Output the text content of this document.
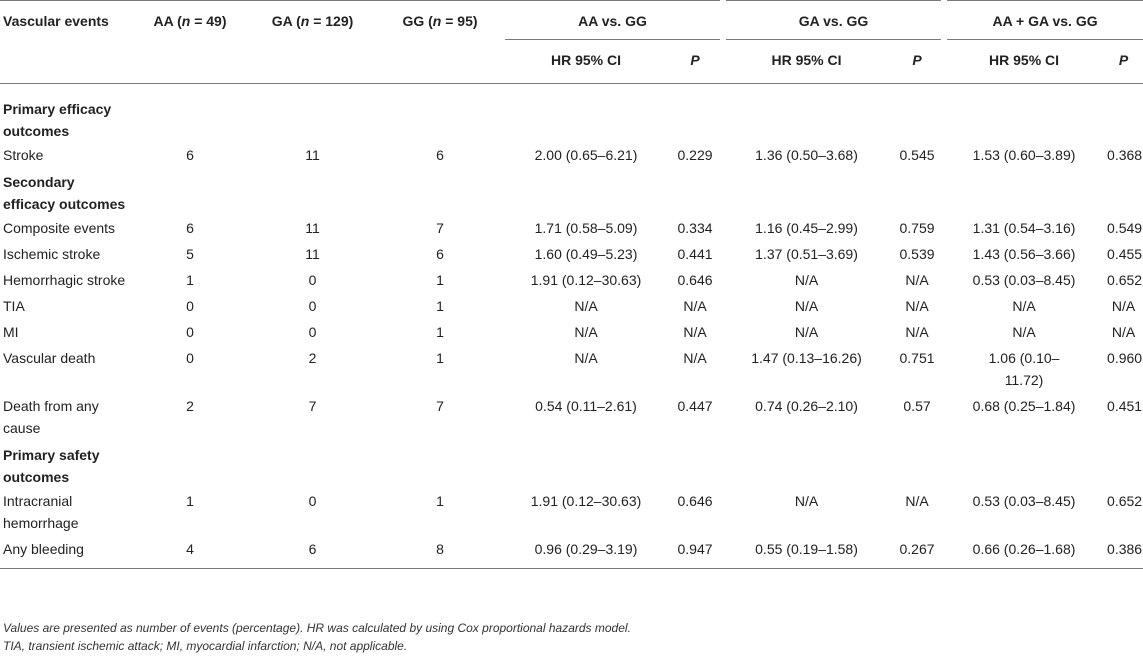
Vascular events	AA (n = 49)	GA (n = 129)	GG (n = 95)	AA vs. GG		GA vs. GG		AA + GA vs. GG	
				HR 95% CI	P	HR 95% CI	P	HR 95% CI	P
Primary efficacy outcomes									
Stroke	6	11	6	2.00 (0.65–6.21)	0.229	1.36 (0.50–3.68)	0.545	1.53 (0.60–3.89)	0.368
Secondary efficacy outcomes									
Composite events	6	11	7	1.71 (0.58–5.09)	0.334	1.16 (0.45–2.99)	0.759	1.31 (0.54–3.16)	0.549
Ischemic stroke	5	11	6	1.60 (0.49–5.23)	0.441	1.37 (0.51–3.69)	0.539	1.43 (0.56–3.66)	0.455
Hemorrhagic stroke	1	0	1	1.91 (0.12–30.63)	0.646	N/A	N/A	0.53 (0.03–8.45)	0.652
TIA	0	0	1	N/A	N/A	N/A	N/A	N/A	N/A
MI	0	0	1	N/A	N/A	N/A	N/A	N/A	N/A
Vascular death	0	2	1	N/A	N/A	1.47 (0.13–16.26)	0.751	1.06 (0.10–11.72)	0.960
Death from any cause	2	7	7	0.54 (0.11–2.61)	0.447	0.74 (0.26–2.10)	0.57	0.68 (0.25–1.84)	0.451
Primary safety outcomes									
Intracranial hemorrhage	1	0	1	1.91 (0.12–30.63)	0.646	N/A	N/A	0.53 (0.03–8.45)	0.652
Any bleeding	4	6	8	0.96 (0.29–3.19)	0.947	0.55 (0.19–1.58)	0.267	0.66 (0.26–1.68)	0.386
Values are presented as number of events (percentage). HR was calculated by using Cox proportional hazards model.
TIA, transient ischemic attack; MI, myocardial infarction; N/A, not applicable.
